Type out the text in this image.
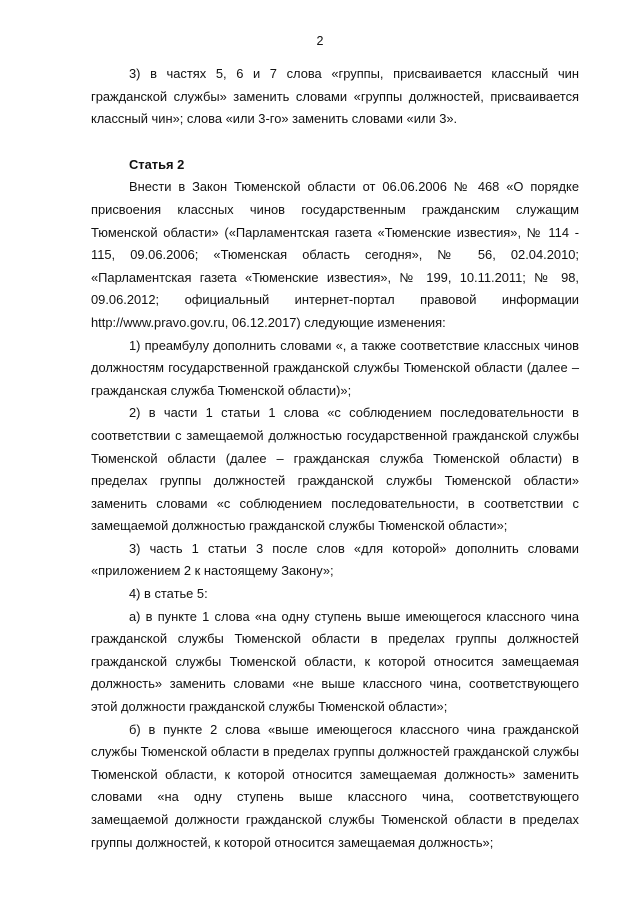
2

3) в частях 5, 6 и 7 слова «группы, присваивается классный чин гражданской службы» заменить словами «группы должностей, присваивается классный чин»; слова «или 3-го» заменить словами «или 3».

Статья 2

Внести в Закон Тюменской области от 06.06.2006 № 468 «О порядке присвоения классных чинов государственным гражданским служащим Тюменской области» («Парламентская газета «Тюменские известия», № 114 - 115, 09.06.2006; «Тюменская область сегодня», № 56, 02.04.2010; «Парламентская газета «Тюменские известия», № 199, 10.11.2011; № 98, 09.06.2012; официальный интернет-портал правовой информации http://www.pravo.gov.ru, 06.12.2017) следующие изменения:

1) преамбулу дополнить словами «, а также соответствие классных чинов должностям государственной гражданской службы Тюменской области (далее – гражданская служба Тюменской области)»;

2) в части 1 статьи 1 слова «с соблюдением последовательности в соответствии с замещаемой должностью государственной гражданской службы Тюменской области (далее – гражданская служба Тюменской области) в пределах группы должностей гражданской службы Тюменской области» заменить словами «с соблюдением последовательности, в соответствии с замещаемой должностью гражданской службы Тюменской области»;

3) часть 1 статьи 3 после слов «для которой» дополнить словами «приложением 2 к настоящему Закону»;

4) в статье 5:

а) в пункте 1 слова «на одну ступень выше имеющегося классного чина гражданской службы Тюменской области в пределах группы должностей гражданской службы Тюменской области, к которой относится замещаемая должность» заменить словами «не выше классного чина, соответствующего этой должности гражданской службы Тюменской области»;

б) в пункте 2 слова «выше имеющегося классного чина гражданской службы Тюменской области в пределах группы должностей гражданской службы Тюменской области, к которой относится замещаемая должность» заменить словами «на одну ступень выше классного чина, соответствующего замещаемой должности гражданской службы Тюменской области в пределах группы должностей, к которой относится замещаемая должность»;
